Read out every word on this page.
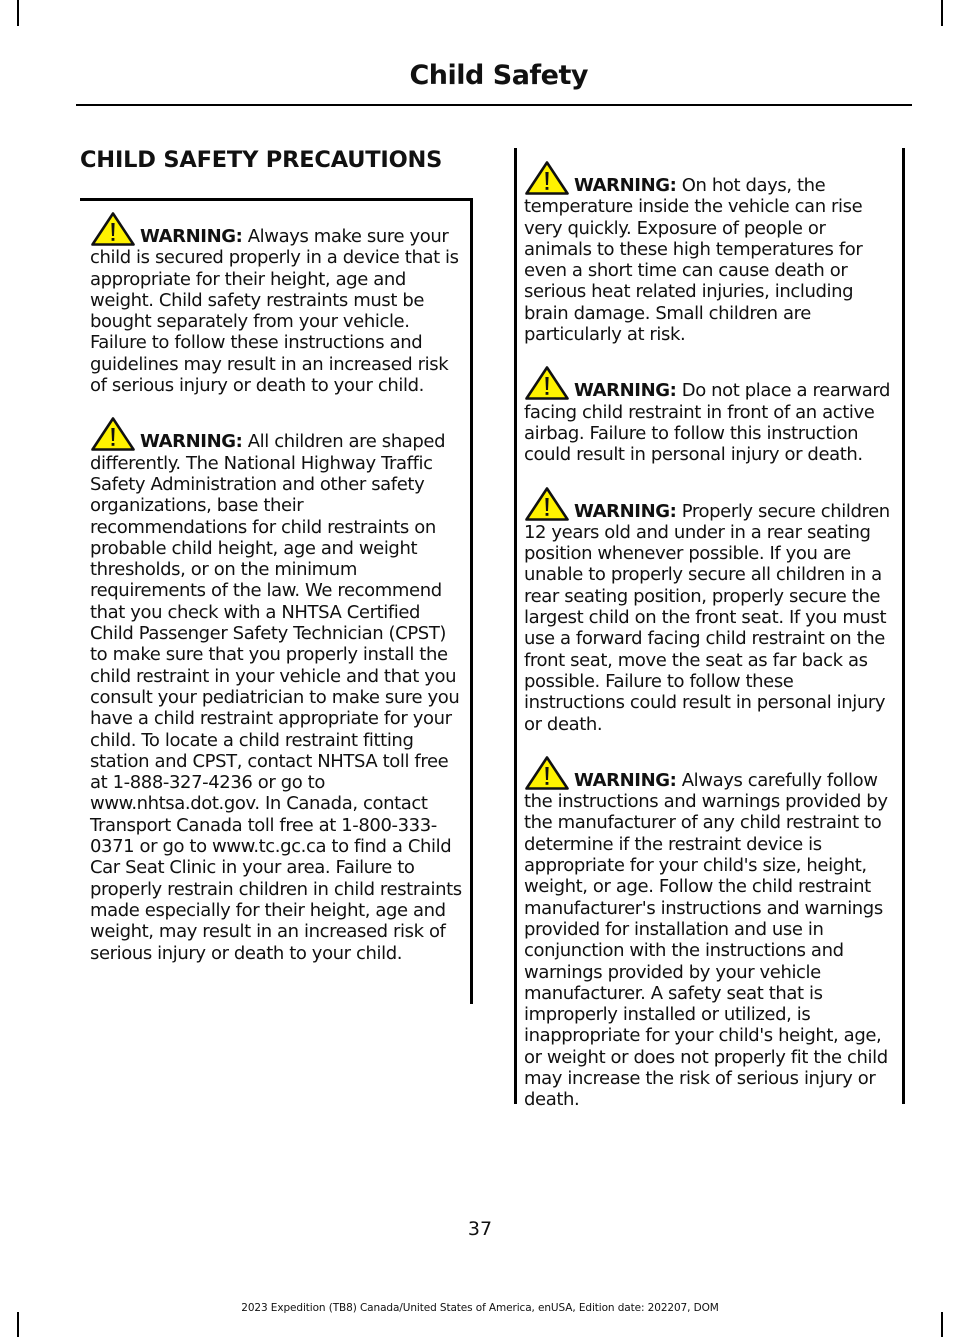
Child Safety
CHILD SAFETY PRECAUTIONS

WARNING: Always make sure your child is secured properly in a device that is appropriate for their height, age and weight. Child safety restraints must be bought separately from your vehicle. Failure to follow these instructions and guidelines may result in an increased risk of serious injury or death to your child.

WARNING: All children are shaped differently. The National Highway Traffic Safety Administration and other safety organizations, base their recommendations for child restraints on probable child height, age and weight thresholds, or on the minimum requirements of the law. We recommend that you check with a NHTSA Certified Child Passenger Safety Technician (CPST) to make sure that you properly install the child restraint in your vehicle and that you consult your pediatrician to make sure you have a child restraint appropriate for your child. To locate a child restraint fitting station and CPST, contact NHTSA toll free at 1-888-327-4236 or go to www.nhtsa.dot.gov. In Canada, contact Transport Canada toll free at 1-800-333-0371 or go to www.tc.gc.ca to find a Child Car Seat Clinic in your area. Failure to properly restrain children in child restraints made especially for their height, age and weight, may result in an increased risk of serious injury or death to your child.

WARNING: On hot days, the temperature inside the vehicle can rise very quickly. Exposure of people or animals to these high temperatures for even a short time can cause death or serious heat related injuries, including brain damage. Small children are particularly at risk.

WARNING: Do not place a rearward facing child restraint in front of an active airbag. Failure to follow this instruction could result in personal injury or death.

WARNING: Properly secure children 12 years old and under in a rear seating position whenever possible. If you are unable to properly secure all children in a rear seating position, properly secure the largest child on the front seat. If you must use a forward facing child restraint on the front seat, move the seat as far back as possible. Failure to follow these instructions could result in personal injury or death.

WARNING: Always carefully follow the instructions and warnings provided by the manufacturer of any child restraint to determine if the restraint device is appropriate for your child's size, height, weight, or age. Follow the child restraint manufacturer's instructions and warnings provided for installation and use in conjunction with the instructions and warnings provided by your vehicle manufacturer. A safety seat that is improperly installed or utilized, is inappropriate for your child's height, age, or weight or does not properly fit the child may increase the risk of serious injury or death.

37
2023 Expedition (TB8) Canada/United States of America, enUSA, Edition date: 202207, DOM
